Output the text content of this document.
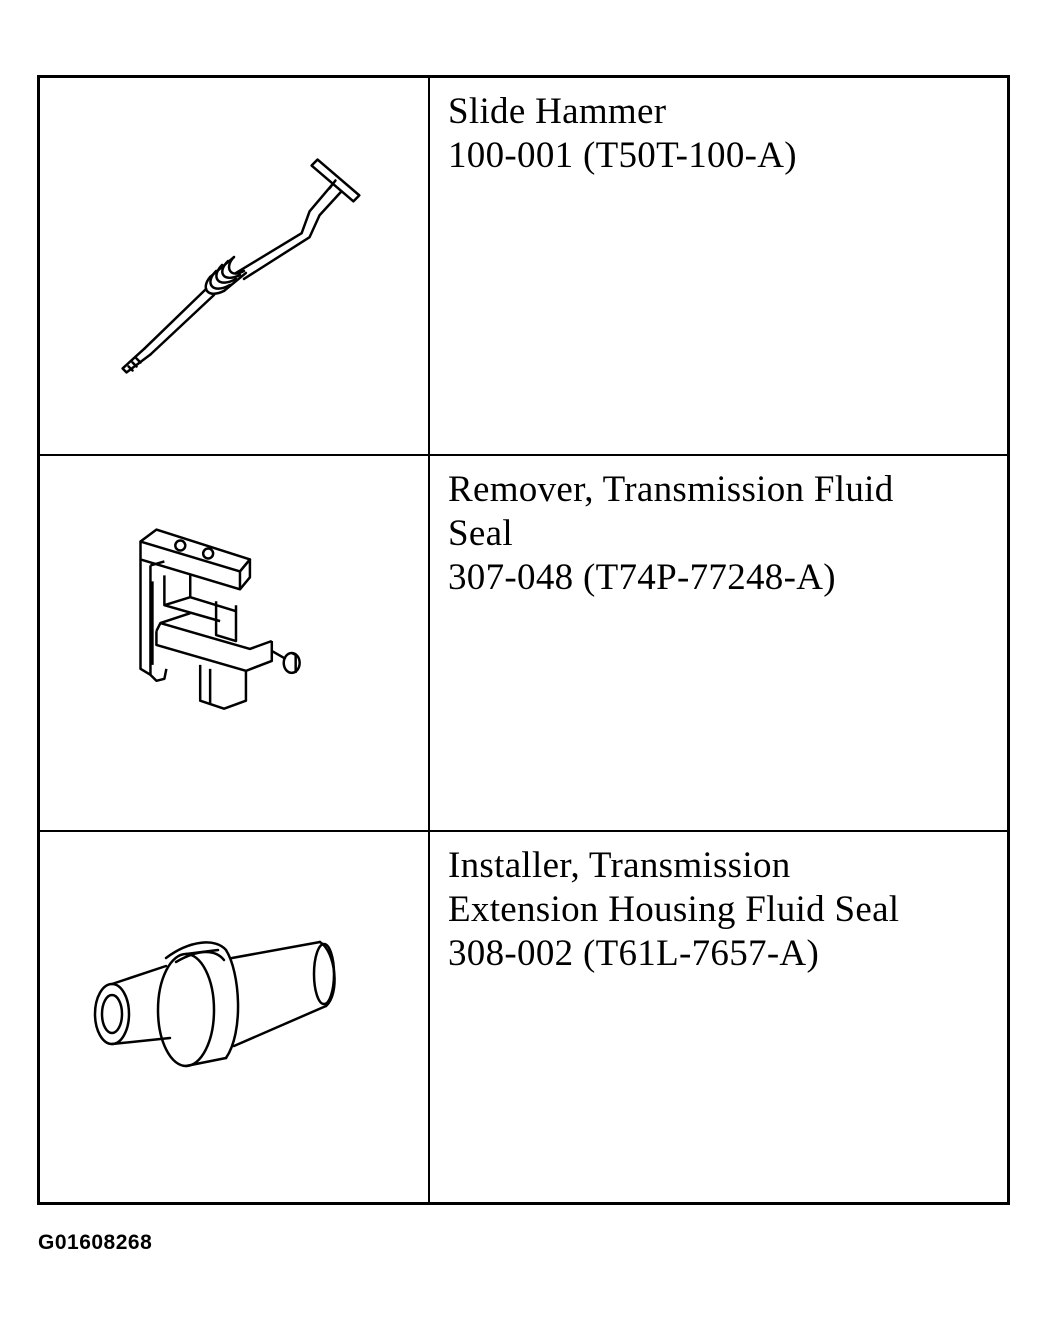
Slide Hammer
100-001 (T50T-100-A)
Remover, Transmission Fluid
Seal
307-048 (T74P-77248-A)
Installer, Transmission
Extension Housing Fluid Seal
308-002 (T61L-7657-A)
G01608268
